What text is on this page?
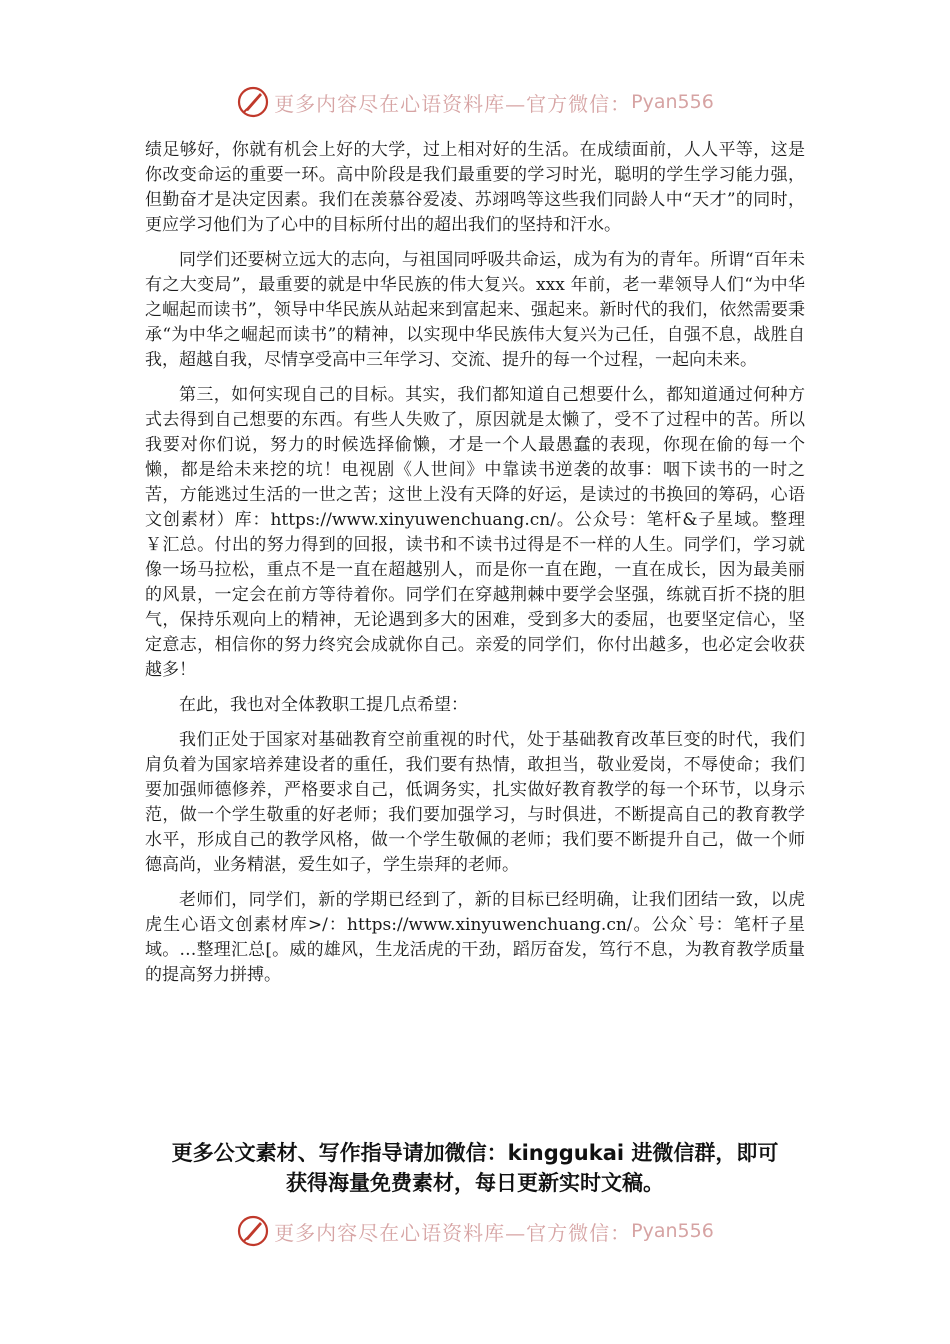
更多内容尽在心语资料库—官方微信： Pyan556

绩足够好，你就有机会上好的大学，过上相对好的生活。在成绩面前，人人平等，这是你改变命运的重要一环。高中阶段是我们最重要的学习时光，聪明的学生学习能力强，但勤奋才是决定因素。我们在羡慕谷爱凌、苏翊鸣等这些我们同龄人中“天才”的同时，更应学习他们为了心中的目标所付出的超出我们的坚持和汗水。

同学们还要树立远大的志向，与祖国同呼吸共命运，成为有为的青年。所谓“百年未有之大变局”，最重要的就是中华民族的伟大复兴。xxx 年前，老一辈领导人们“为中华之崛起而读书”，领导中华民族从站起来到富起来、强起来。新时代的我们，依然需要秉承“为中华之崛起而读书”的精神，以实现中华民族伟大复兴为己任，自强不息，战胜自我，超越自我，尽情享受高中三年学习、交流、提升的每一个过程，一起向未来。

第三，如何实现自己的目标。其实，我们都知道自己想要什么，都知道通过何种方式去得到自己想要的东西。有些人失败了，原因就是太懒了，受不了过程中的苦。所以我要对你们说，努力的时候选择偷懒，才是一个人最愚蠢的表现，你现在偷的每一个懒，都是给未来挖的坑！电视剧《人世间》中靠读书逆袭的故事：咽下读书的一时之苦，方能逃过生活的一世之苦；这世上没有天降的好运，是读过的书换回的筹码，心语文创素材）库：https://www.xinyuwenchuang.cn/。公众号：笔杆&子星域。整理￥汇总。付出的努力得到的回报，读书和不读书过得是不一样的人生。同学们，学习就像一场马拉松，重点不是一直在超越别人，而是你一直在跑，一直在成长，因为最美丽的风景，一定会在前方等待着你。同学们在穿越荆棘中要学会坚强，练就百折不挠的胆气，保持乐观向上的精神，无论遇到多大的困难，受到多大的委屈，也要坚定信心，坚定意志，相信你的努力终究会成就你自己。亲爱的同学们，你付出越多，也必定会收获越多！

在此，我也对全体教职工提几点希望：

我们正处于国家对基础教育空前重视的时代，处于基础教育改革巨变的时代，我们肩负着为国家培养建设者的重任，我们要有热情，敢担当，敬业爱岗，不辱使命；我们要加强师德修养，严格要求自己，低调务实，扎实做好教育教学的每一个环节，以身示范，做一个学生敬重的好老师；我们要加强学习，与时俱进，不断提高自己的教育教学水平，形成自己的教学风格，做一个学生敬佩的老师；我们要不断提升自己，做一个师德高尚，业务精湛，爱生如子，学生崇拜的老师。

老师们，同学们，新的学期已经到了，新的目标已经明确，让我们团结一致，以虎虎生心语文创素材库>/：https://www.xinyuwenchuang.cn/。公众`号：笔杆子星域。…整理汇总[。威的雄风，生龙活虎的干劲，蹈厉奋发，笃行不息，为教育教学质量的提高努力拼搏。

更多公文素材、写作指导请加微信：kinggukai 进微信群，即可
获得海量免费素材，每日更新实时文稿。
更多内容尽在心语资料库—官方微信： Pyan556
